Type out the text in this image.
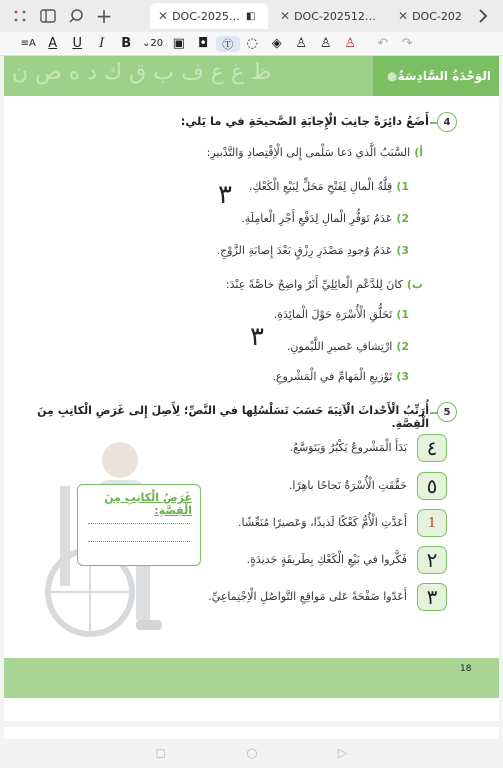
+	✕ DOC-2025… ◧ ✕ DOC-202512… ✕ DOC-202
≡A A	U	I	B	⌄20 ▣	◘	Ⓣ	◌	◈	♙ ♙ ♙	↶	↷
ظ غ ع ف ب ق ك د ه ص ن	الوَحْدَةُ السَّادِسَةُ
●
4
أَضَعُ دائِرَةً جانِبَ الْإِجابَةِ الصَّحيحَةِ في ما يَلي:
أ)السَّبَبُ الَّذي دَعا سَلْمى إِلى الْاِقْتِصادِ وَالتَّدْبيرِ:
1)قِلَّةُ الْمالِ لِفَتْحِ مَحَلٍّ لِبَيْعِ الْكَعْكِ.
2)عَدَمُ تَوَفُّرِ الْمالِ لِدَفْعِ أَجْرِ الْعامِلَةِ.
3)عَدَمُ وُجودِ مَصْدَرِ رِزْقٍ بَعْدَ إِصابَةِ الزَّوْجِ.
٣
ب)كانَ لِلدَّعْمِ الْعائِلِيِّ أَثَرٌ واضِحٌ خاصَّةً عِنْدَ:
1)تَحَلُّقِ الْأُسْرَةِ حَوْلَ الْمائِدَةِ.
2)ارْتِشافِ عَصيرِ اللَّيْمونِ.
3)تَوْزيعِ الْمَهامِّ في الْمَشْروعِ.
٣
5
أُرَتِّبُ الْأَحْداثَ الْآتِيَةَ حَسَبَ تَسَلْسُلِها في النَّصِّ؛ لِأَصِلَ إِلى غَرَضِ الْكاتِبِ مِنَ الْقِصَّةِ.
غَرَضُ الْكاتِبِ مِنَ الْقِصَّةِ:
٤
بَدَأَ الْمَشْروعُ يَكْبُرُ وَيَتَوَسَّعُ.
٥
حَقَّقَتِ الْأُسْرَةُ نَجاحًا باهِرًا.
1
أَعَدَّتِ الْأُمُّ كَعْكًا لَذيذًا، وَعَصيرًا مُنَعِّشًا.
٢
فَكَّروا في بَيْعِ الْكَعْكِ بِطَريقَةٍ جَديدَةٍ.
٣
أَعَدّوا صَفْحَةً عَلى مَواقِعِ التَّواصُلِ الْاِجْتِماعِيِّ.
18
◻	○	▷
